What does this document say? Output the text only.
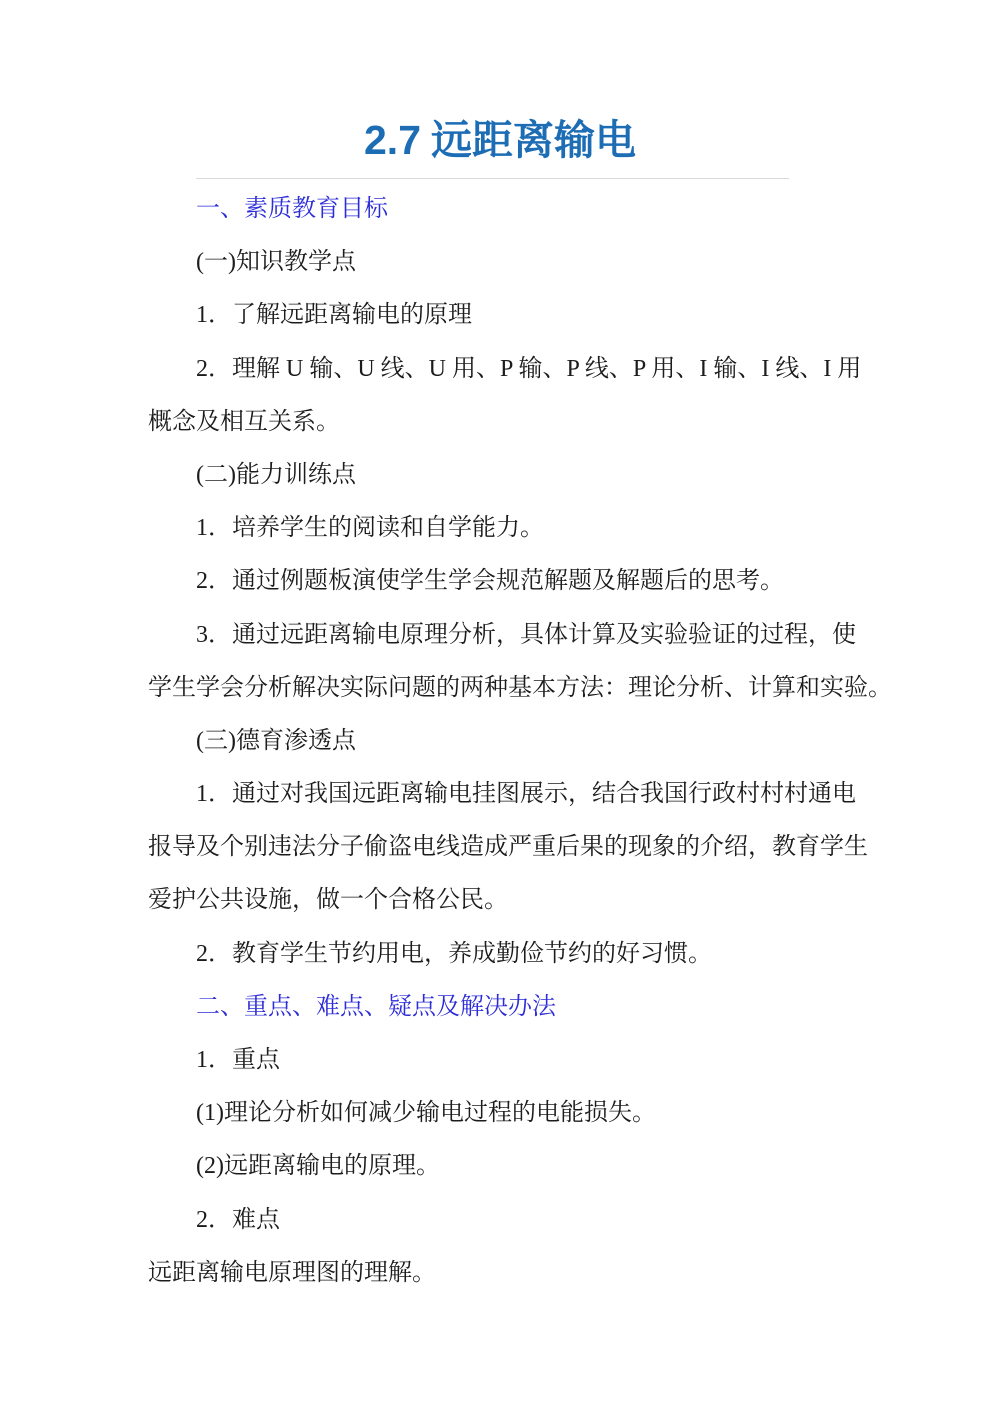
2.7 远距离输电
一、素质教育目标
(一)知识教学点
1．了解远距离输电的原理
2．理解 U 输、U 线、U 用、P 输、P 线、P 用、I 输、I 线、I 用
概念及相互关系。
(二)能力训练点
1．培养学生的阅读和自学能力。
2．通过例题板演使学生学会规范解题及解题后的思考。
3．通过远距离输电原理分析，具体计算及实验验证的过程，使
学生学会分析解决实际问题的两种基本方法：理论分析、计算和实验。
(三)德育渗透点
1．通过对我国远距离输电挂图展示，结合我国行政村村村通电
报导及个别违法分子偷盗电线造成严重后果的现象的介绍，教育学生
爱护公共设施，做一个合格公民。
2．教育学生节约用电，养成勤俭节约的好习惯。
二、重点、难点、疑点及解决办法
1．重点
(1)理论分析如何减少输电过程的电能损失。
(2)远距离输电的原理。
2．难点
远距离输电原理图的理解。
